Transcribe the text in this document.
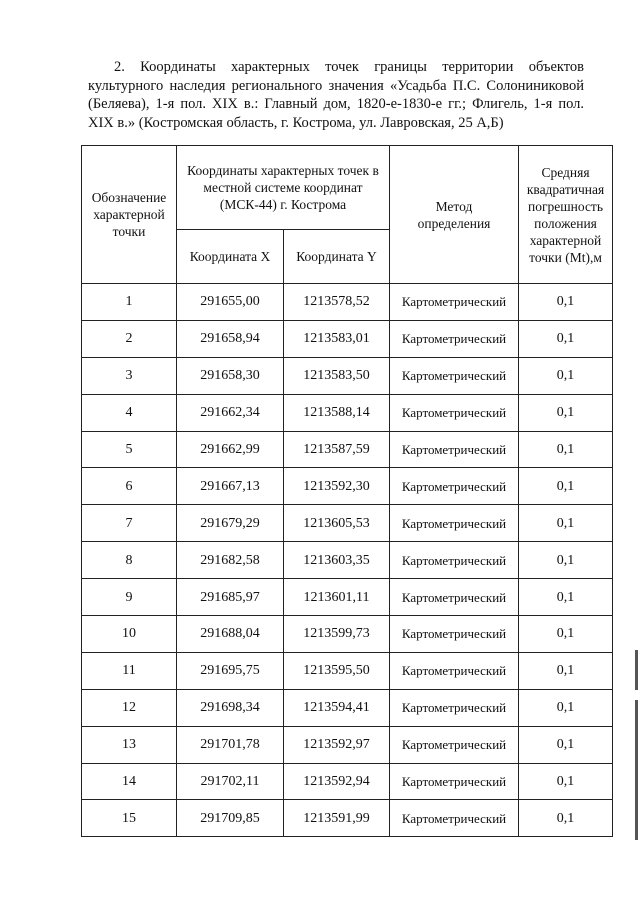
2. Координаты характерных точек границы территории объектов культурного наследия регионального значения «Усадьба П.С. Солониниковой (Беляева), 1-я пол. XIX в.: Главный дом, 1820-е-1830-е гг.; Флигель, 1-я пол. XIX в.» (Костромская область, г. Кострома, ул. Лавровская, 25 А,Б)
Обозначение характерной точки	Координаты характерных точек в местной системе координат (МСК-44) г. Кострома		Метод определения	Средняя квадратичная погрешность положения характерной точки (Mt),м
	Координата X	Координата Y		
1	291655,00	1213578,52	Картометрический	0,1
2	291658,94	1213583,01	Картометрический	0,1
3	291658,30	1213583,50	Картометрический	0,1
4	291662,34	1213588,14	Картометрический	0,1
5	291662,99	1213587,59	Картометрический	0,1
6	291667,13	1213592,30	Картометрический	0,1
7	291679,29	1213605,53	Картометрический	0,1
8	291682,58	1213603,35	Картометрический	0,1
9	291685,97	1213601,11	Картометрический	0,1
10	291688,04	1213599,73	Картометрический	0,1
11	291695,75	1213595,50	Картометрический	0,1
12	291698,34	1213594,41	Картометрический	0,1
13	291701,78	1213592,97	Картометрический	0,1
14	291702,11	1213592,94	Картометрический	0,1
15	291709,85	1213591,99	Картометрический	0,1
